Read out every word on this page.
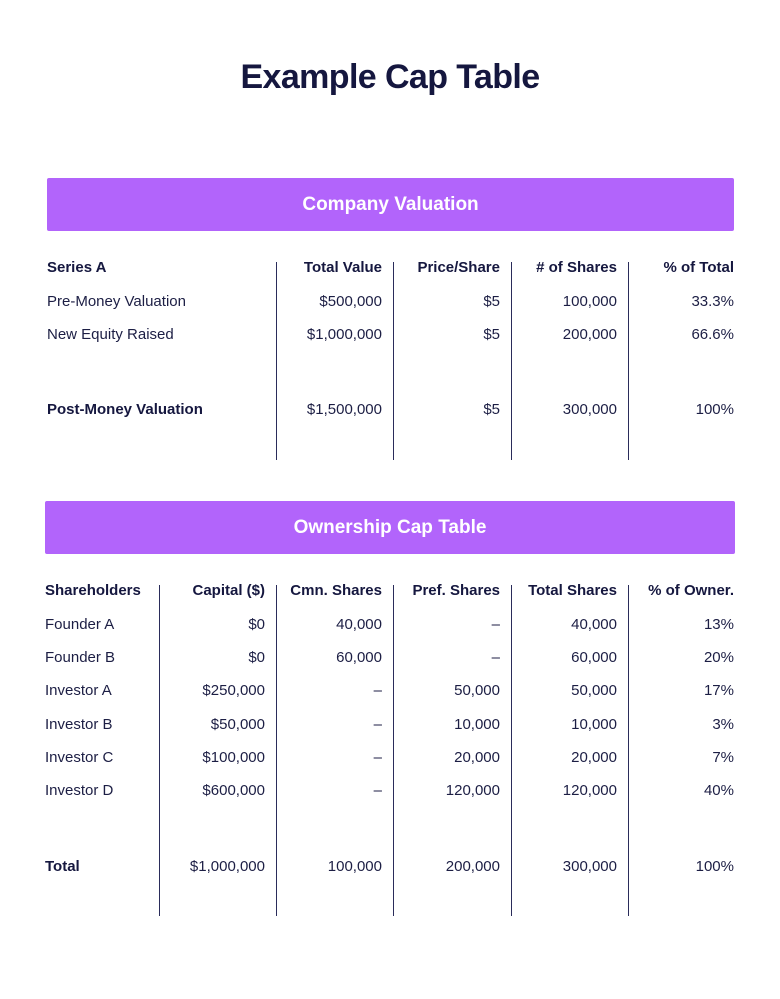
Example Cap Table
Company Valuation
Series A	Total Value	Price/Share	# of Shares	% of Total
Pre-Money Valuation	$500,000	$5	100,000	33.3%
New Equity Raised	$1,000,000	$5	200,000	66.6%
Post-Money Valuation	$1,500,000	$5	300,000	100%
Ownership Cap Table
Shareholders	Capital ($)	Cmn. Shares	Pref. Shares	Total Shares	% of Owner.
Founder A	$0	40,000	–	40,000	13%
Founder B	$0	60,000	–	60,000	20%
Investor A	$250,000	–	50,000	50,000	17%
Investor B	$50,000	–	10,000	10,000	3%
Investor C	$100,000	–	20,000	20,000	7%
Investor D	$600,000	–	120,000	120,000	40%
Total	$1,000,000	100,000	200,000	300,000	100%
